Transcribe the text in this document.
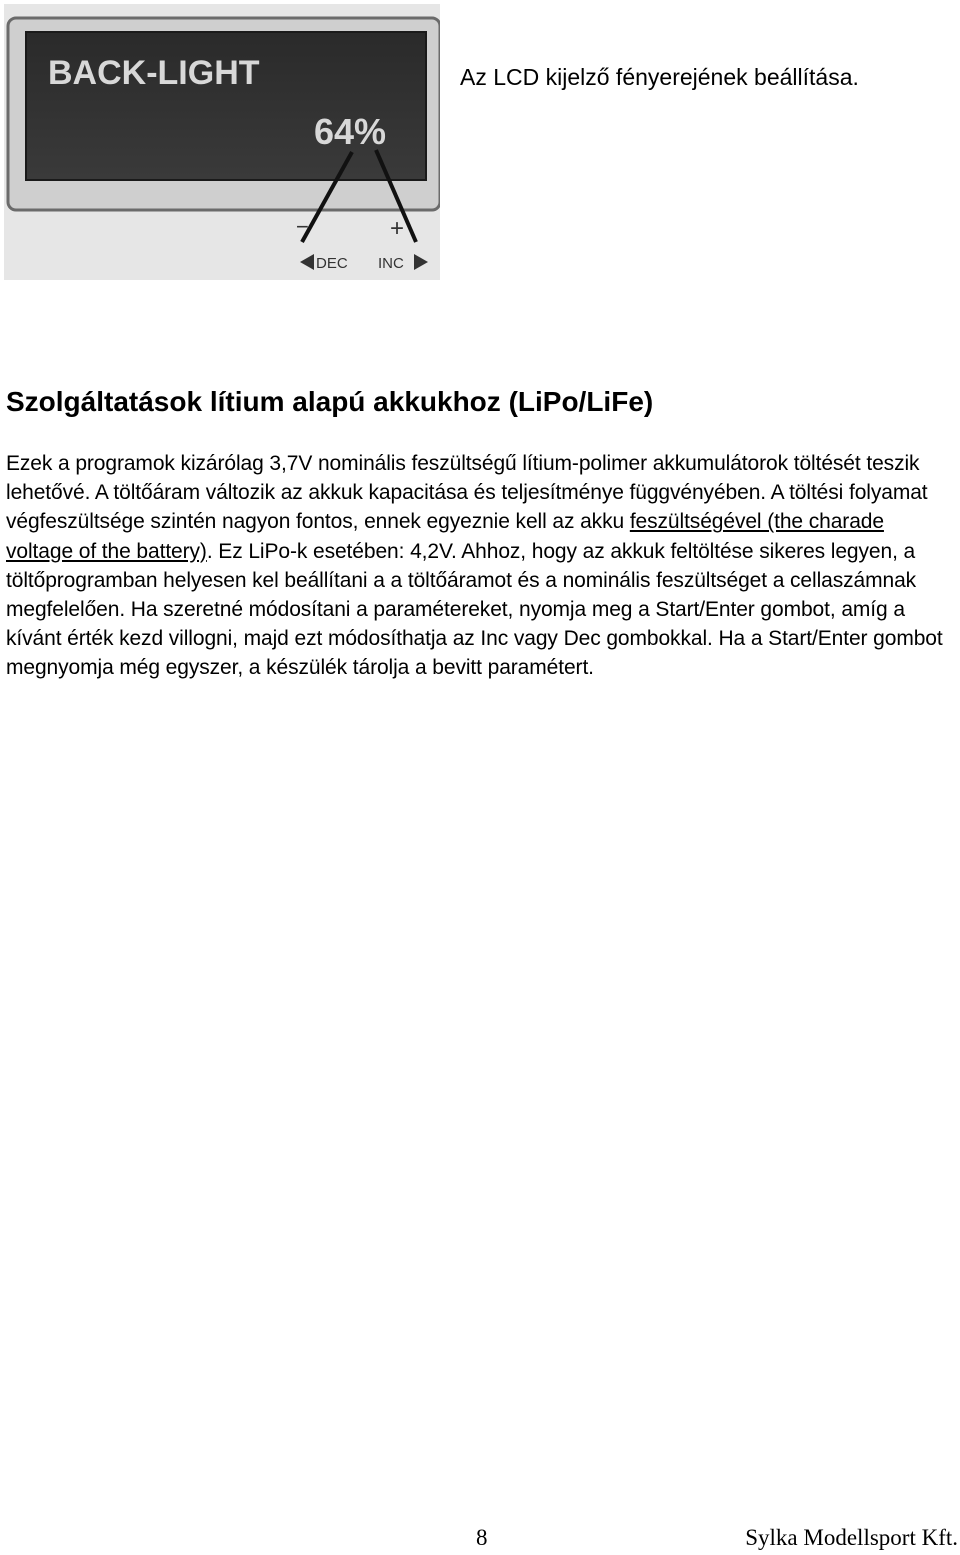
BACK-LIGHT
64%
−	+
DEC INC
Az LCD kijelző fényerejének beállítása.
Szolgáltatások lítium alapú akkukhoz (LiPo/LiFe)

Ezek a programok kizárólag 3,7V nominális feszültségű lítium-polimer akkumulátorok töltését teszik lehetővé. A töltőáram változik az akkuk kapacitása és teljesítménye függvényében. A töltési folyamat végfeszültsége szintén nagyon fontos, ennek egyeznie kell az akku feszültségével (the charade voltage of the battery). Ez LiPo-k esetében: 4,2V. Ahhoz, hogy az akkuk feltöltése sikeres legyen, a töltőprogramban helyesen kel beállítani a a töltőáramot és a nominális feszültséget a cellaszámnak megfelelően. Ha szeretné módosítani a paramétereket, nyomja meg a Start/Enter gombot, amíg a kívánt érték kezd villogni, majd ezt módosíthatja az Inc vagy Dec gombokkal. Ha a Start/Enter gombot megnyomja még egyszer, a készülék tárolja a bevitt paramétert.

8	Sylka Modellsport Kft.
